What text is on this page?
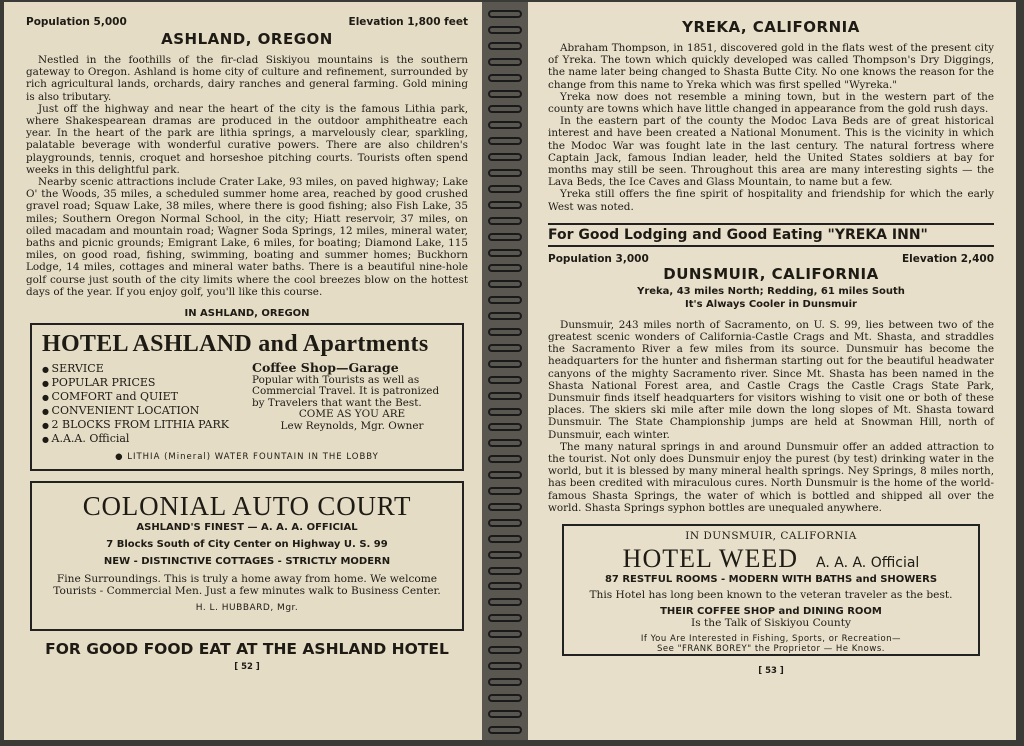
Population 5,000	Elevation 1,800 feet
ASHLAND, OREGON

Nestled in the foothills of the fir-clad Siskiyou mountains is the southern gateway to Oregon. Ashland is home city of culture and refinement, surrounded by rich agricultural lands, orchards, dairy ranches and general farming. Gold mining is also tributary.

Just off the highway and near the heart of the city is the famous Lithia park, where Shakespearean dramas are produced in the outdoor amphitheatre each year. In the heart of the park are lithia springs, a marvelously clear, sparkling, palatable beverage with wonderful curative powers. There are also children's playgrounds, tennis, croquet and horseshoe pitching courts. Tourists often spend weeks in this delightful park.

Nearby scenic attractions include Crater Lake, 93 miles, on paved highway; Lake O' the Woods, 35 miles, a scheduled summer home area, reached by good crushed gravel road; Squaw Lake, 38 miles, where there is good fishing; also Fish Lake, 35 miles; Southern Oregon Normal School, in the city; Hiatt reservoir, 37 miles, on oiled macadam and mountain road; Wagner Soda Springs, 12 miles, mineral water, baths and picnic grounds; Emigrant Lake, 6 miles, for boating; Diamond Lake, 115 miles, on good road, fishing, swimming, boating and summer homes; Buckhorn Lodge, 14 miles, cottages and mineral water baths. There is a beautiful nine-hole golf course just south of the city limits where the cool breezes blow on the hottest days of the year. If you enjoy golf, you'll like this course.

IN ASHLAND, OREGON
HOTEL ASHLAND and Apartments
● SERVICE
● POPULAR PRICES
● COMFORT and QUIET
● CONVENIENT LOCATION
● 2 BLOCKS FROM LITHIA PARK
● A.A.A. Official
Coffee Shop—Garage
Popular with Tourists as well as Commercial Travel. It is patronized by Travelers that want the Best.
COME AS YOU ARE
Lew Reynolds, Mgr. Owner
● LITHIA (Mineral) WATER FOUNTAIN IN THE LOBBY
COLONIAL AUTO COURT
ASHLAND'S FINEST — A. A. A. OFFICIAL
7 Blocks South of City Center on Highway U. S. 99
NEW - DISTINCTIVE COTTAGES - STRICTLY MODERN
Fine Surroundings. This is truly a home away from home. We welcome Tourists - Commercial Men. Just a few minutes walk to Business Center.
H. L. HUBBARD, Mgr.
FOR GOOD FOOD EAT AT THE ASHLAND HOTEL
[ 52 ]
YREKA, CALIFORNIA

Abraham Thompson, in 1851, discovered gold in the flats west of the present city of Yreka. The town which quickly developed was called Thompson's Dry Diggings, the name later being changed to Shasta Butte City. No one knows the reason for the change from this name to Yreka which was first spelled "Wyreka."

Yreka now does not resemble a mining town, but in the western part of the county are towns which have little changed in appearance from the gold rush days.

In the eastern part of the county the Modoc Lava Beds are of great historical interest and have been created a National Monument. This is the vicinity in which the Modoc War was fought late in the last century. The natural fortress where Captain Jack, famous Indian leader, held the United States soldiers at bay for months may still be seen. Throughout this area are many interesting sights — the Lava Beds, the Ice Caves and Glass Mountain, to name but a few.

Yreka still offers the fine spirit of hospitality and friendship for which the early West was noted.

For Good Lodging and Good Eating "YREKA INN"
Population 3,000	Elevation 2,400
DUNSMUIR, CALIFORNIA
Yreka, 43 miles North; Redding, 61 miles South
It's Always Cooler in Dunsmuir

Dunsmuir, 243 miles north of Sacramento, on U. S. 99, lies between two of the greatest scenic wonders of California-Castle Crags and Mt. Shasta, and straddles the Sacramento River a few miles from its source. Dunsmuir has become the headquarters for the hunter and fisherman starting out for the beautiful headwater canyons of the mighty Sacramento river. Since Mt. Shasta has been named in the Shasta National Forest area, and Castle Crags the Castle Crags State Park, Dunsmuir finds itself headquarters for visitors wishing to visit one or both of these places. The skiers ski mile after mile down the long slopes of Mt. Shasta toward Dunsmuir. The State Championship jumps are held at Snowman Hill, north of Dunsmuir, each winter.

The many natural springs in and around Dunsmuir offer an added attraction to the tourist. Not only does Dunsmuir enjoy the purest (by test) drinking water in the world, but it is blessed by many mineral health springs. Ney Springs, 8 miles north, has been credited with miraculous cures. North Dunsmuir is the home of the world-famous Shasta Springs, the water of which is bottled and shipped all over the world. Shasta Springs syphon bottles are unequaled anywhere.

IN DUNSMUIR, CALIFORNIA
HOTEL WEED A. A. A. Official
87 RESTFUL ROOMS - MODERN WITH BATHS and SHOWERS
This Hotel has long been known to the veteran traveler as the best.
THEIR COFFEE SHOP and DINING ROOM
Is the Talk of Siskiyou County
If You Are Interested in Fishing, Sports, or Recreation—
See "FRANK BOREY" the Proprietor — He Knows.
[ 53 ]
